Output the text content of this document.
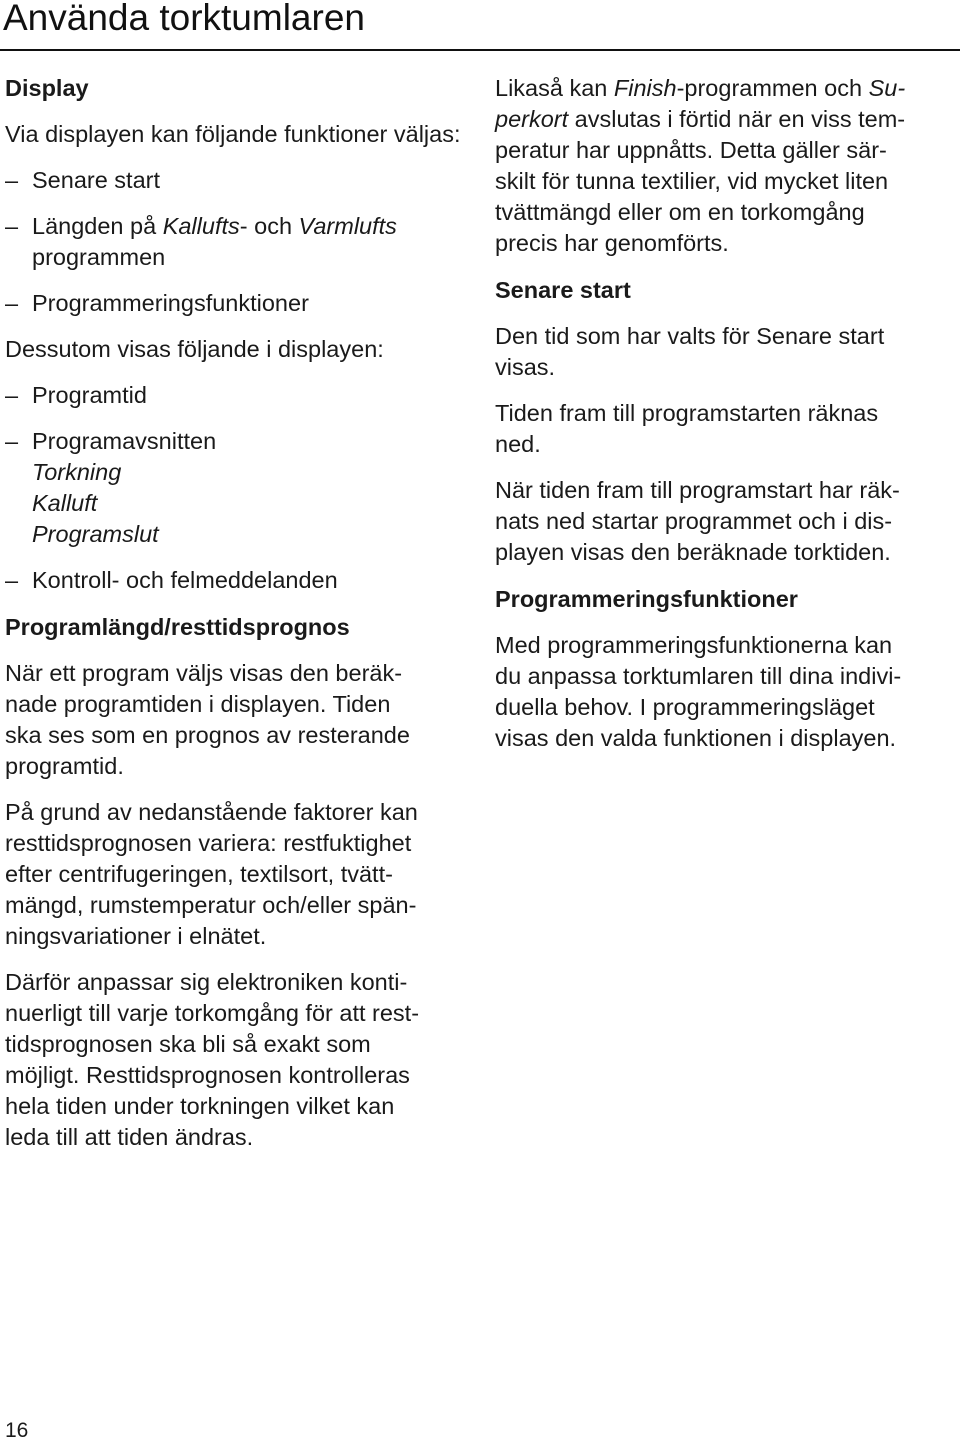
Använda torktumlaren
Display

Via displayen kan följande funktioner väljas:

– Senare start
– Längden på Kallufts- och Varmlufts
programmen
– Programmeringsfunktioner

Dessutom visas följande i displayen:

– Programtid
– Programavsnitten
Torkning
Kalluft
Programslut
– Kontroll- och felmeddelanden
Programlängd/resttidsprognos

När ett program väljs visas den beräk-
nade programtiden i displayen. Tiden
ska ses som en prognos av resterande
programtid.

På grund av nedanstående faktorer kan
resttidsprognosen variera: restfuktighet
efter centrifugeringen, textilsort, tvätt-
mängd, rumstemperatur och/eller spän-
ningsvariationer i elnätet.

Därför anpassar sig elektroniken konti-
nuerligt till varje torkomgång för att rest-
tidsprognosen ska bli så exakt som
möjligt. Resttidsprognosen kontrolleras
hela tiden under torkningen vilket kan
leda till att tiden ändras.

Likaså kan Finish-programmen och Su-
perkort avslutas i förtid när en viss tem-
peratur har uppnåtts. Detta gäller sär-
skilt för tunna textilier, vid mycket liten
tvättmängd eller om en torkomgång
precis har genomförts.

Senare start

Den tid som har valts för Senare start
visas.

Tiden fram till programstarten räknas
ned.

När tiden fram till programstart har räk-
nats ned startar programmet och i dis-
playen visas den beräknade torktiden.

Programmeringsfunktioner

Med programmeringsfunktionerna kan
du anpassa torktumlaren till dina indivi-
duella behov. I programmeringsläget
visas den valda funktionen i displayen.

16
